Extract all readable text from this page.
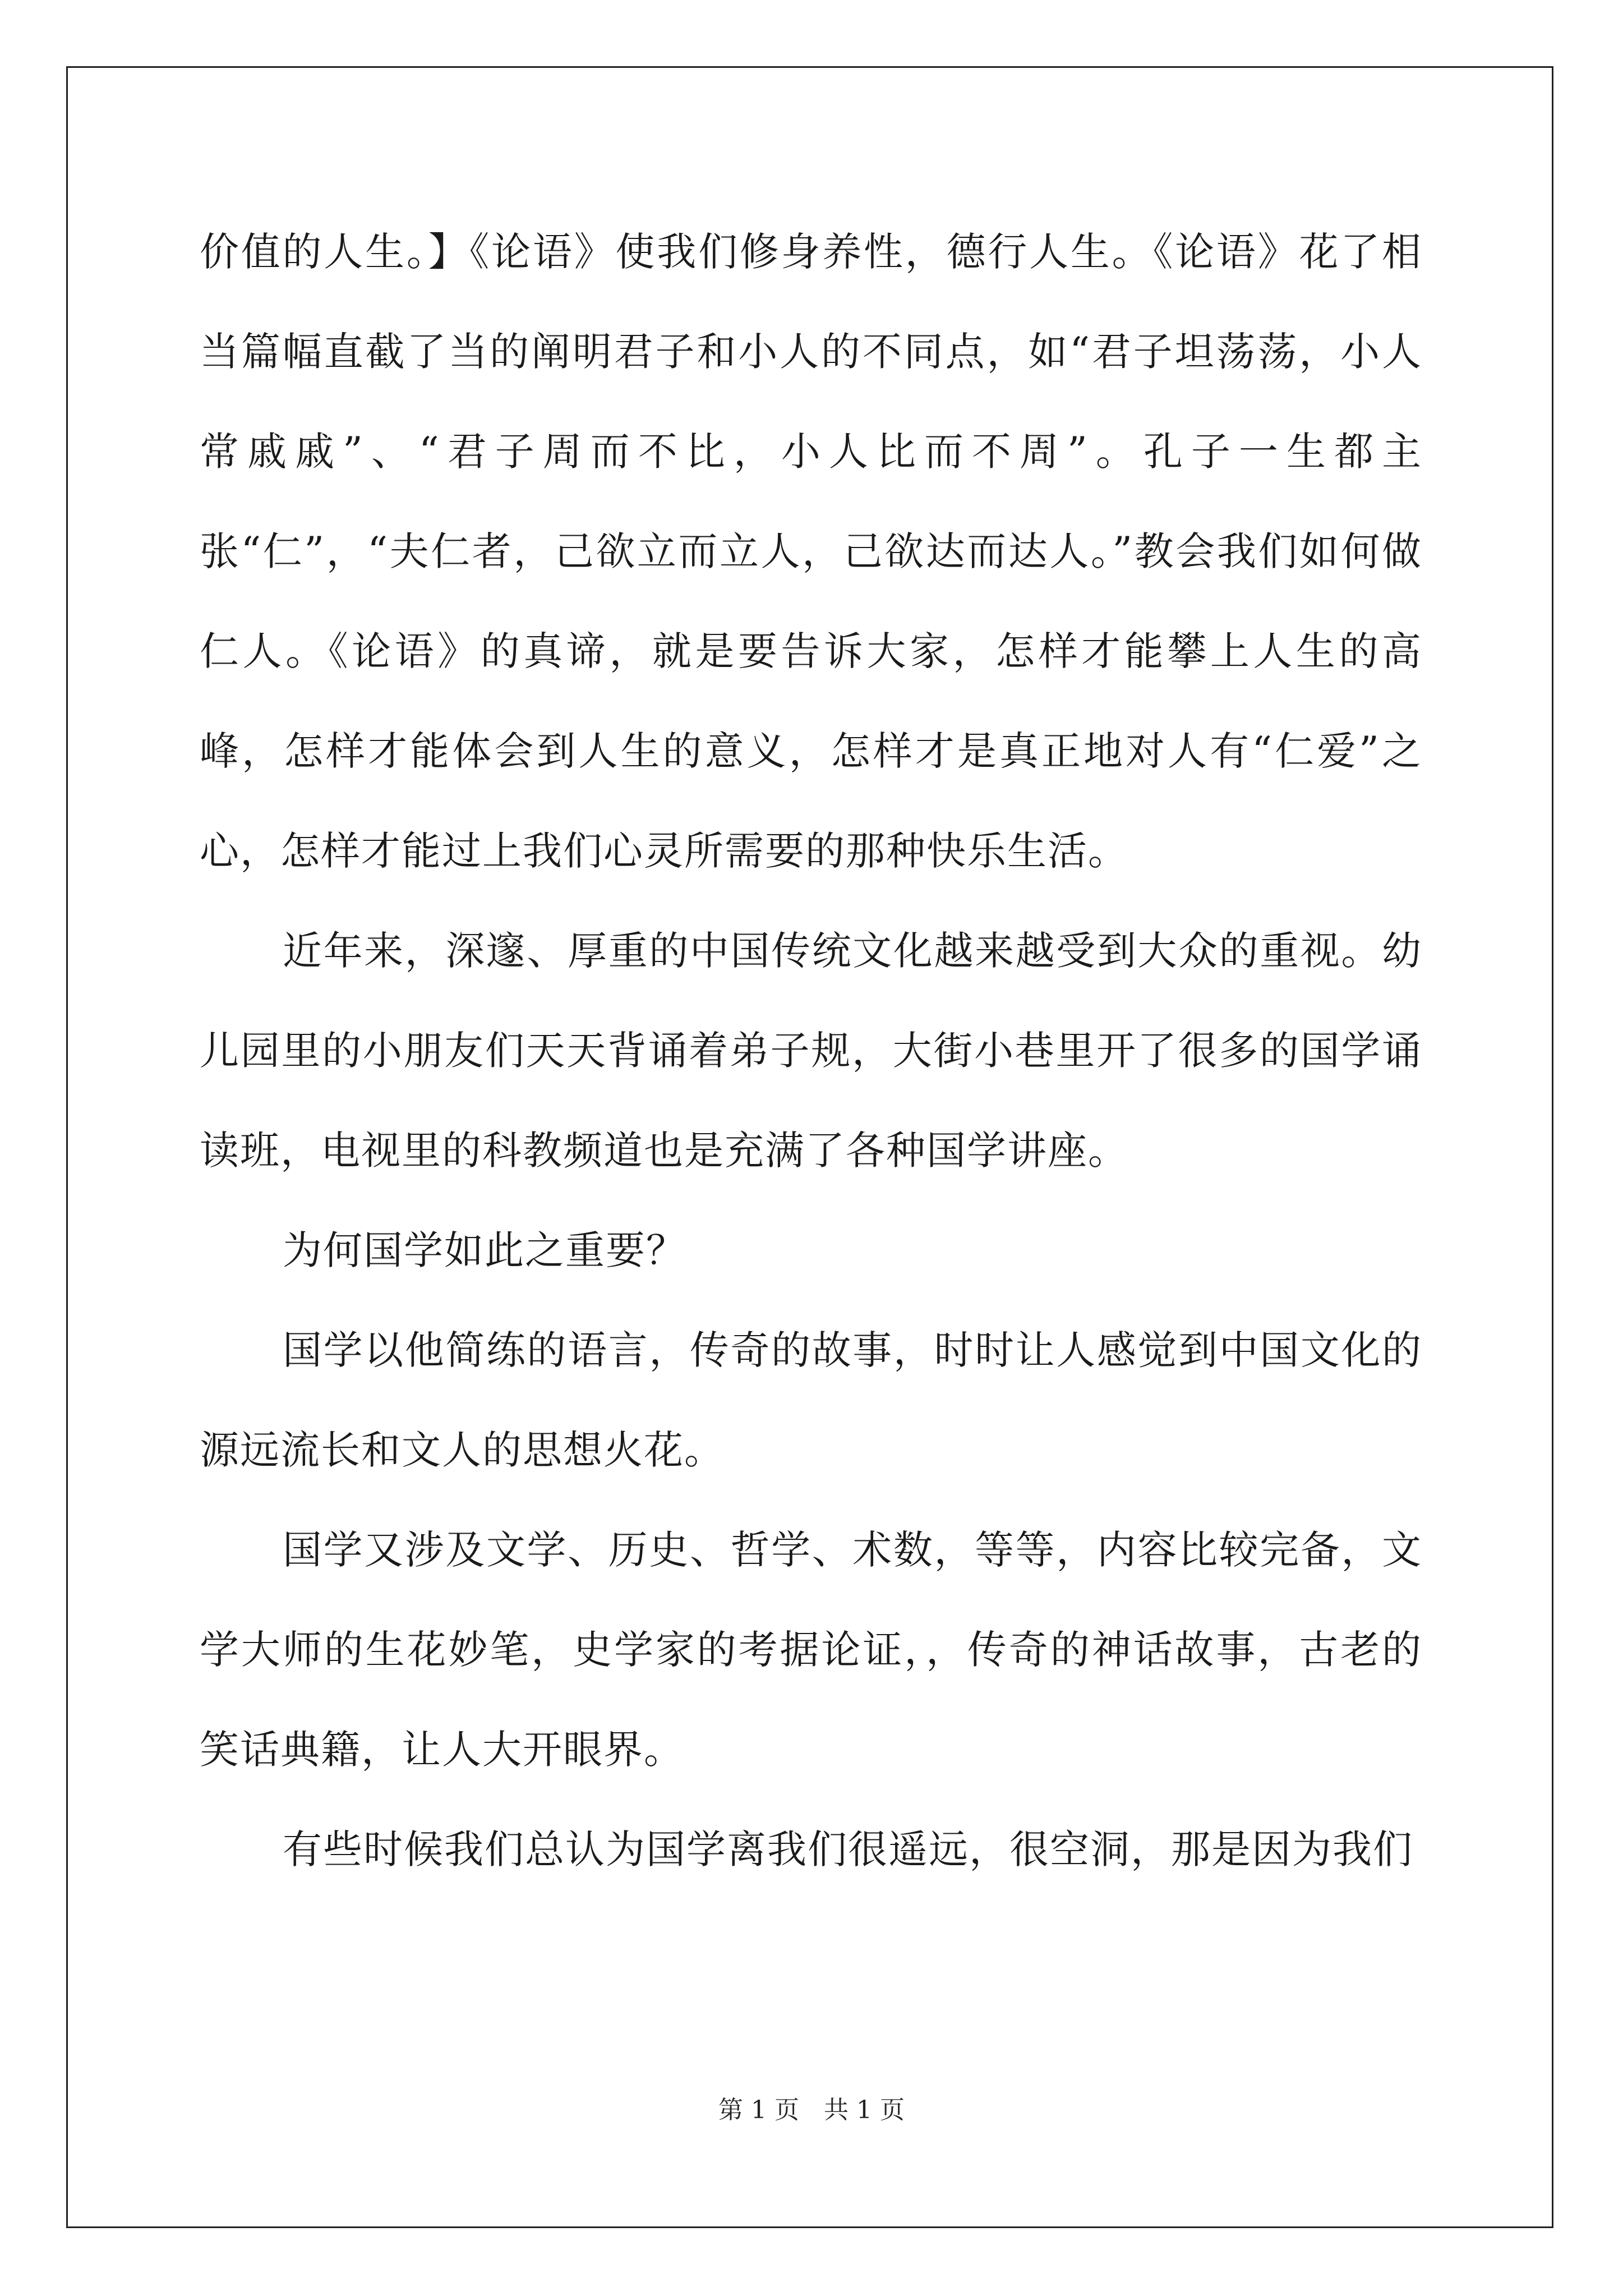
价值的人生。】《论语》使我们修身养性，德行人生。《论语》花了相当篇幅直截了当的阐明君子和小人的不同点，如“君子坦荡荡，小人常戚戚”、“君子周而不比，小人比而不周”。孔子一生都主张“仁”，“夫仁者，己欲立而立人，己欲达而达人。”教会我们如何做仁人。《论语》的真谛，就是要告诉大家，怎样才能攀上人生的高峰，怎样才能体会到人生的意义，怎样才是真正地对人有“仁爱”之心，怎样才能过上我们心灵所需要的那种快乐生活。

近年来，深邃、厚重的中国传统文化越来越受到大众的重视。幼儿园里的小朋友们天天背诵着弟子规，大街小巷里开了很多的国学诵读班，电视里的科教频道也是充满了各种国学讲座。

为何国学如此之重要？

国学以他简练的语言，传奇的故事，时时让人感觉到中国文化的源远流长和文人的思想火花。

国学又涉及文学、历史、哲学、术数，等等，内容比较完备，文学大师的生花妙笔，史学家的考据论证，，传奇的神话故事，古老的笑话典籍，让人大开眼界。

有些时候我们总认为国学离我们很遥远，很空洞，那是因为我们

第 1 页　共 1 页
